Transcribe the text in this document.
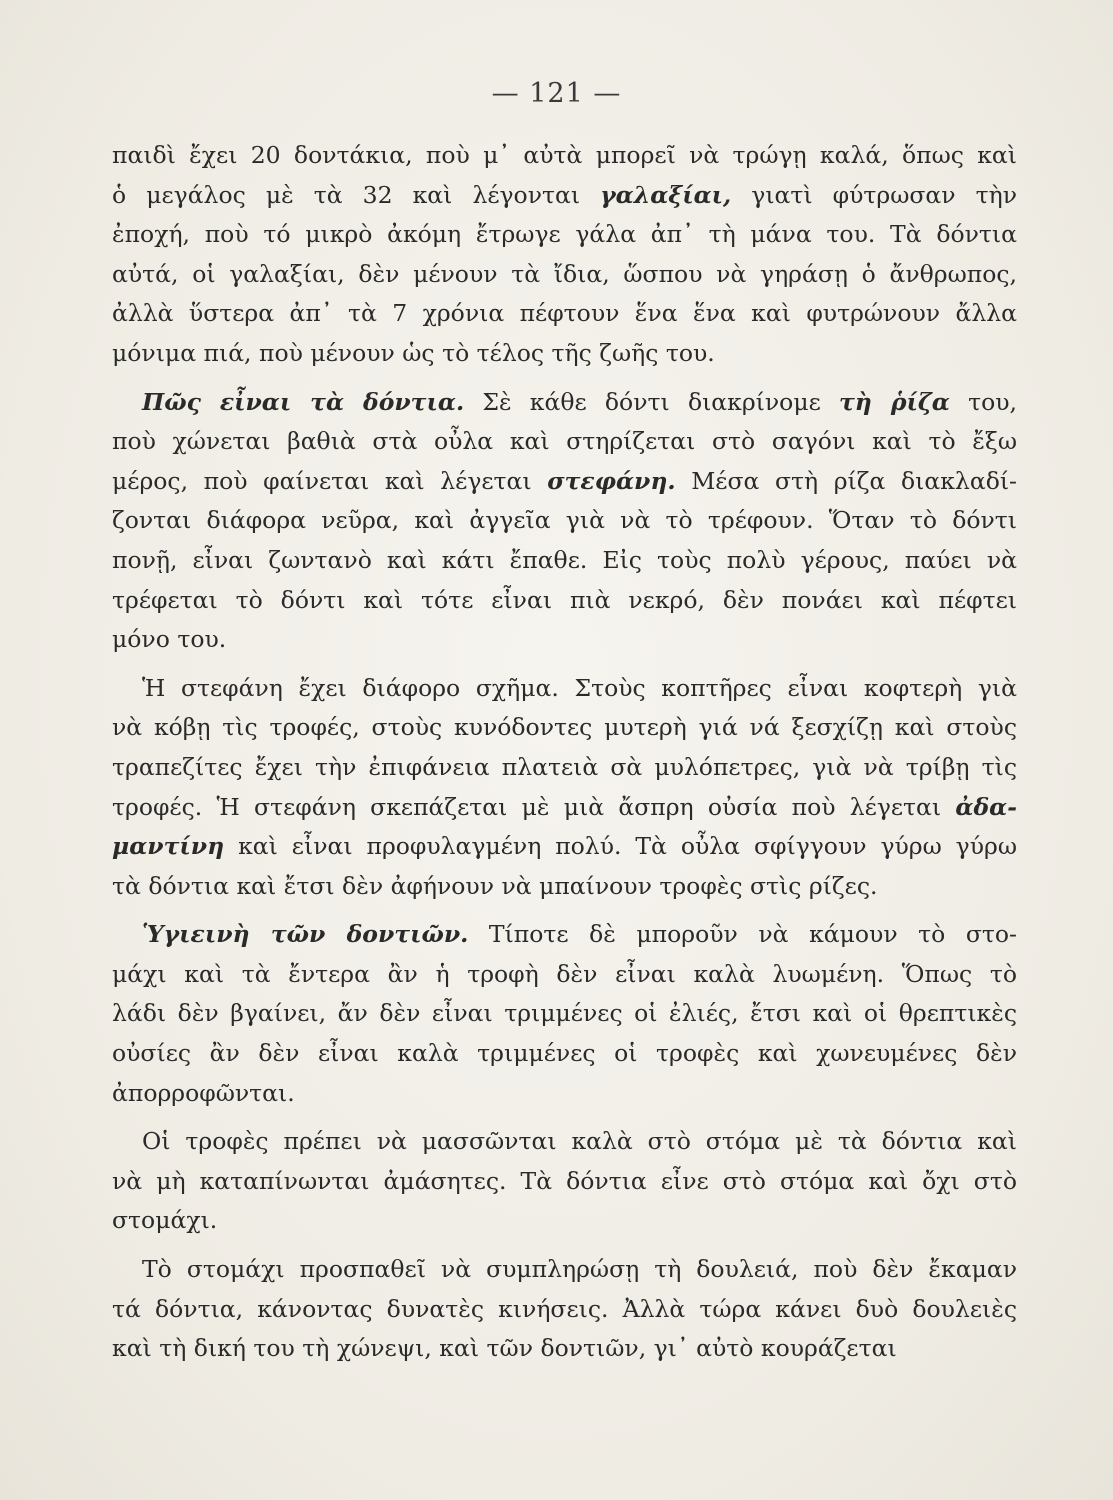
— 121 —
παιδὶ ἔχει 20 δοντάκια, ποὺ μ᾽ αὐτὰ μπορεῖ νὰ τρώγῃ καλά, ὅπως καὶ
ὁ μεγάλος μὲ τὰ 32 καὶ λέγονται γαλαξίαι, γιατὶ φύτρωσαν τὴν
ἐποχή, ποὺ τό μικρὸ ἀκόμη ἔτρωγε γάλα ἀπ᾽ τὴ μάνα του. Τὰ δόντια
αὐτά, οἱ γαλαξίαι, δὲν μένουν τὰ ἴδια, ὥσπου νὰ γηράσῃ ὁ ἄνθρωπος,
ἀλλὰ ὕστερα ἀπ᾽ τὰ 7 χρόνια πέφτουν ἕνα ἕνα καὶ φυτρώνουν ἄλλα
μόνιμα πιά, ποὺ μένουν ὡς τὸ τέλος τῆς ζωῆς του.
Πῶς εἶναι τὰ δόντια. Σὲ κάθε δόντι διακρίνομε τὴ ῥίζα του,
ποὺ χώνεται βαθιὰ στὰ οὖλα καὶ στηρίζεται στὸ σαγόνι καὶ τὸ ἔξω
μέρος, ποὺ φαίνεται καὶ λέγεται στεφάνη. Μέσα στὴ ρίζα διακλαδί-
ζονται διάφορα νεῦρα, καὶ ἀγγεῖα γιὰ νὰ τὸ τρέφουν. Ὅταν τὸ δόντι
πονῇ, εἶναι ζωντανὸ καὶ κάτι ἔπαθε. Εἰς τοὺς πολὺ γέρους, παύει νὰ
τρέφεται τὸ δόντι καὶ τότε εἶναι πιὰ νεκρό, δὲν πονάει καὶ πέφτει
μόνο του.
Ἡ στεφάνη ἔχει διάφορο σχῆμα. Στοὺς κοπτῆρες εἶναι κοφτερὴ γιὰ
νὰ κόβῃ τὶς τροφές, στοὺς κυνόδοντες μυτερὴ γιά νά ξεσχίζῃ καὶ στοὺς
τραπεζίτες ἔχει τὴν ἐπιφάνεια πλατειὰ σὰ μυλόπετρες, γιὰ νὰ τρίβῃ τὶς
τροφές. Ἡ στεφάνη σκεπάζεται μὲ μιὰ ἄσπρη οὐσία ποὺ λέγεται ἀδα-
μαντίνη καὶ εἶναι προφυλαγμένη πολύ. Τὰ οὖλα σφίγγουν γύρω γύρω
τὰ δόντια καὶ ἔτσι δὲν ἀφήνουν νὰ μπαίνουν τροφὲς στὶς ρίζες.
Ὑγιεινὴ τῶν δοντιῶν. Τίποτε δὲ μποροῦν νὰ κάμουν τὸ στο-
μάχι καὶ τὰ ἔντερα ἂν ἡ τροφὴ δὲν εἶναι καλὰ λυωμένη. Ὅπως τὸ
λάδι δὲν βγαίνει, ἄν δὲν εἶναι τριμμένες οἱ ἐλιές, ἔτσι καὶ οἱ θρεπτικὲς
οὐσίες ἂν δὲν εἶναι καλὰ τριμμένες οἱ τροφὲς καὶ χωνευμένες δὲν
ἀπορροφῶνται.
Οἱ τροφὲς πρέπει νὰ μασσῶνται καλὰ στὸ στόμα μὲ τὰ δόντια καὶ
νὰ μὴ καταπίνωνται ἀμάσητες. Τὰ δόντια εἶνε στὸ στόμα καὶ ὄχι στὸ
στομάχι.
Τὸ στομάχι προσπαθεῖ νὰ συμπληρώσῃ τὴ δουλειά, ποὺ δὲν ἔκαμαν
τά δόντια, κάνοντας δυνατὲς κινήσεις. Ἀλλὰ τώρα κάνει δυὸ δουλειὲς
καὶ τὴ δική του τὴ χώνεψι, καὶ τῶν δοντιῶν, γι᾽ αὐτὸ κουράζεται
